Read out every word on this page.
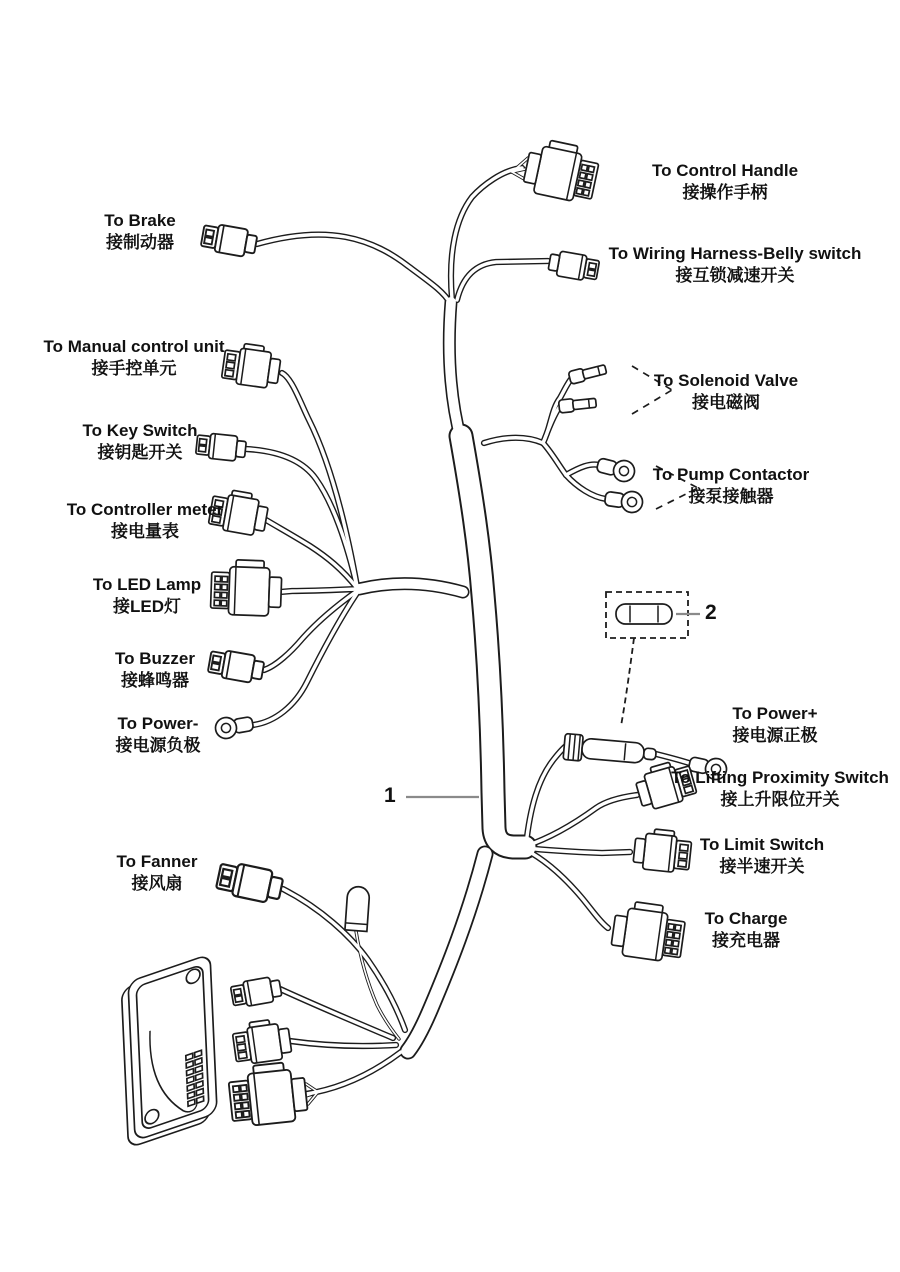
To Control Handle
接操作手柄
To Brake
接制动器
To Wiring Harness-Belly switch
接互锁减速开关
To Manual control unit
接手控单元
To Solenoid Valve
接电磁阀
To Key Switch
接钥匙开关
To Pump Contactor
接泵接触器
To Controller meter
接电量表
To LED Lamp
接LED灯
To Buzzer
接蜂鸣器
To Power-
接电源负极
To Power+
接电源正极
To Lifting Proximity Switch
接上升限位开关
To Limit Switch
接半速开关
To Charge
接充电器
To Fanner
接风扇
1
2
